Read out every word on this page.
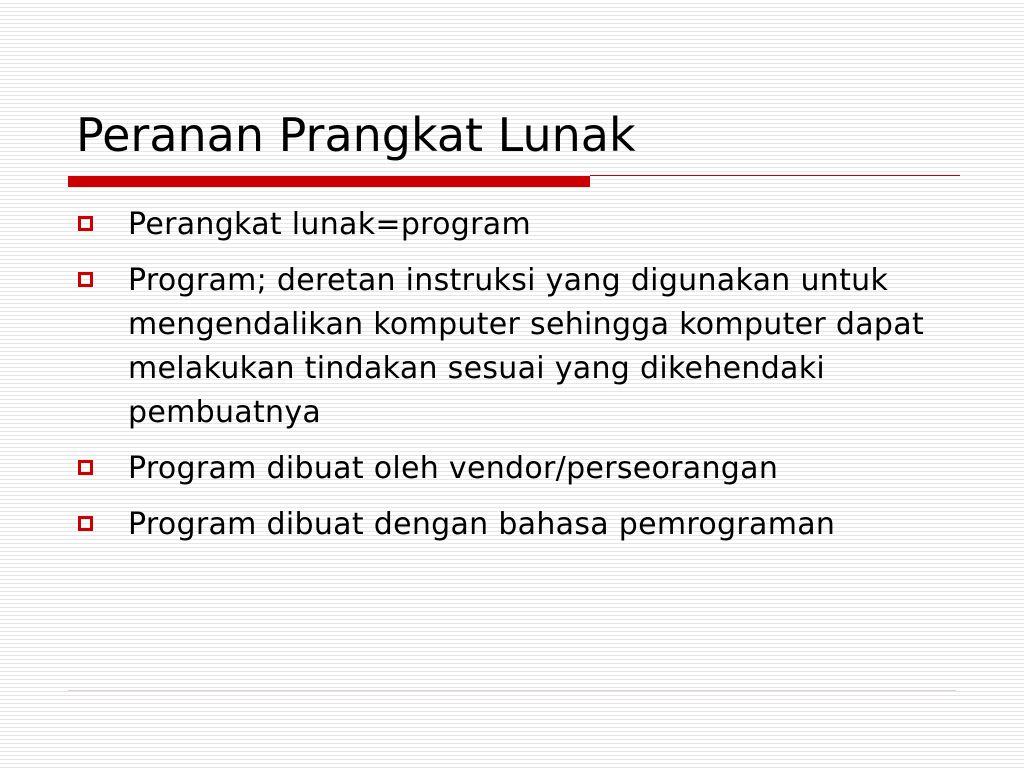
Peranan Prangkat Lunak
Perangkat lunak=program
Program; deretan instruksi yang digunakan untuk mengendalikan komputer sehingga komputer dapat melakukan tindakan sesuai yang dikehendaki pembuatnya
Program dibuat oleh vendor/perseorangan
Program dibuat dengan bahasa pemrograman
